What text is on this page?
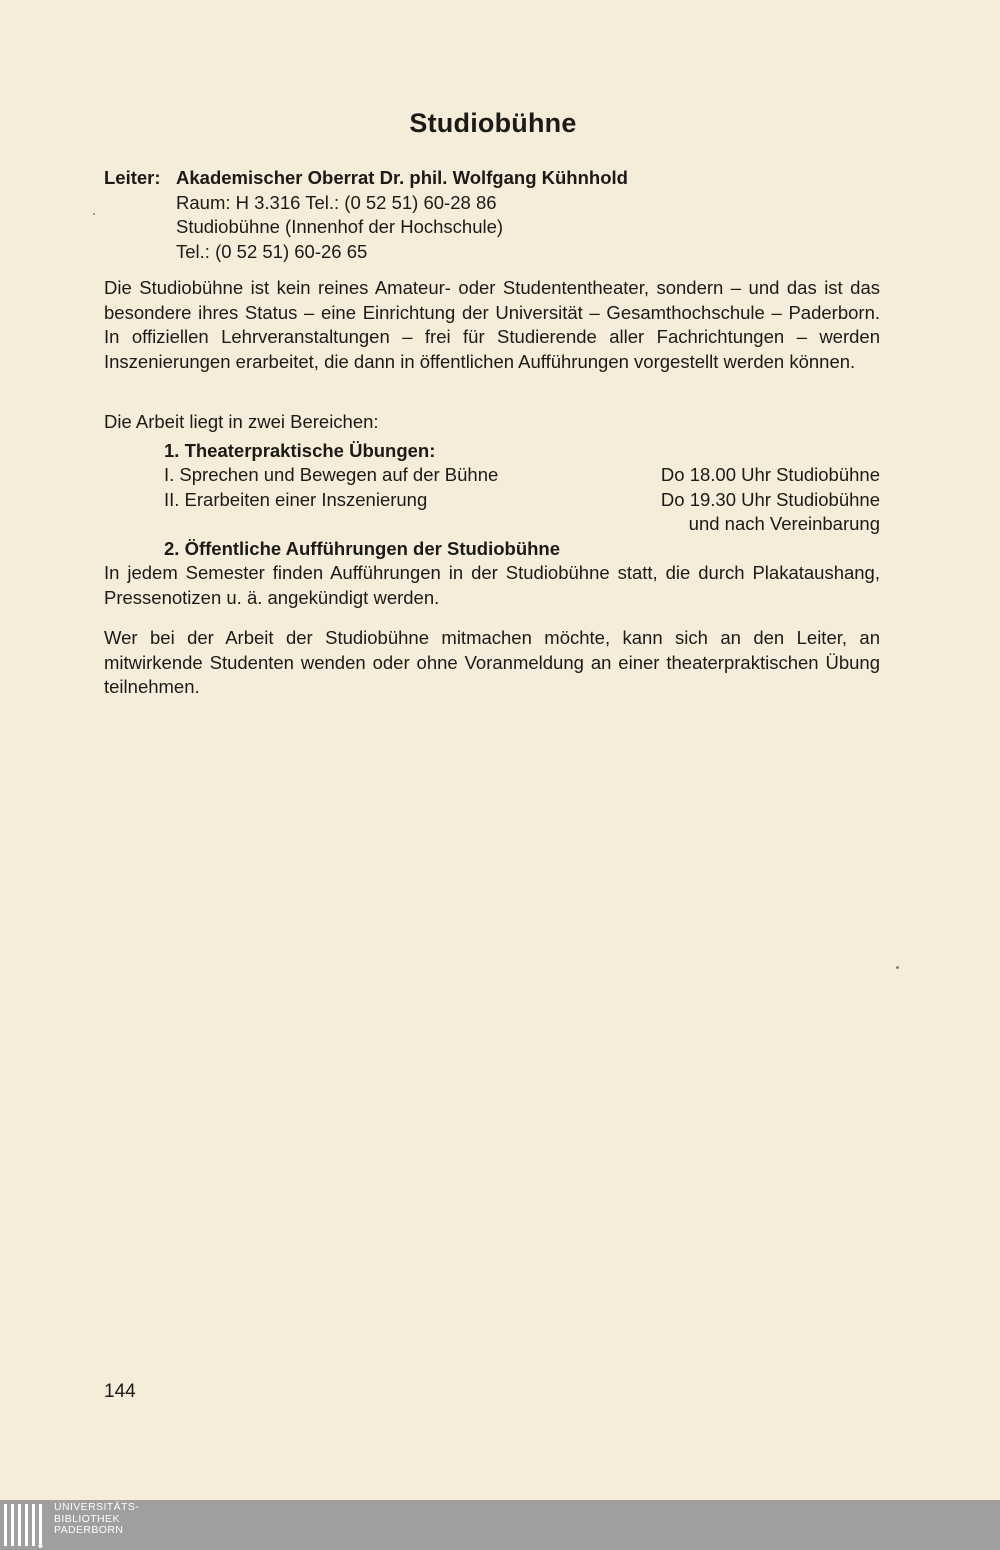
Studiobühne
Leiter: Akademischer Oberrat Dr. phil. Wolfgang Kühnhold
Raum: H 3.316 Tel.: (0 52 51) 60-28 86
Studiobühne (Innenhof der Hochschule)
Tel.: (0 52 51) 60-26 65
Die Studiobühne ist kein reines Amateur- oder Studententheater, sondern – und das ist das besondere ihres Status – eine Einrichtung der Universität – Gesamthochschule – Paderborn. In offiziellen Lehrveranstaltungen – frei für Studierende aller Fachrichtungen – werden Inszenierungen erarbeitet, die dann in öffentlichen Aufführungen vorgestellt werden können.
Die Arbeit liegt in zwei Bereichen:
1. Theaterpraktische Übungen:
I. Sprechen und Bewegen auf der Bühne	Do 18.00 Uhr Studiobühne
II. Erarbeiten einer Inszenierung	Do 19.30 Uhr Studiobühne
und nach Vereinbarung
2. Öffentliche Aufführungen der Studiobühne
In jedem Semester finden Aufführungen in der Studiobühne statt, die durch Plakataushang, Pressenotizen u. ä. angekündigt werden.
Wer bei der Arbeit der Studiobühne mitmachen möchte, kann sich an den Leiter, an mitwirkende Studenten wenden oder ohne Voranmeldung an einer theaterpraktischen Übung teilnehmen.
144
UNIVERSITÄTS-
BIBLIOTHEK
PADERBORN
